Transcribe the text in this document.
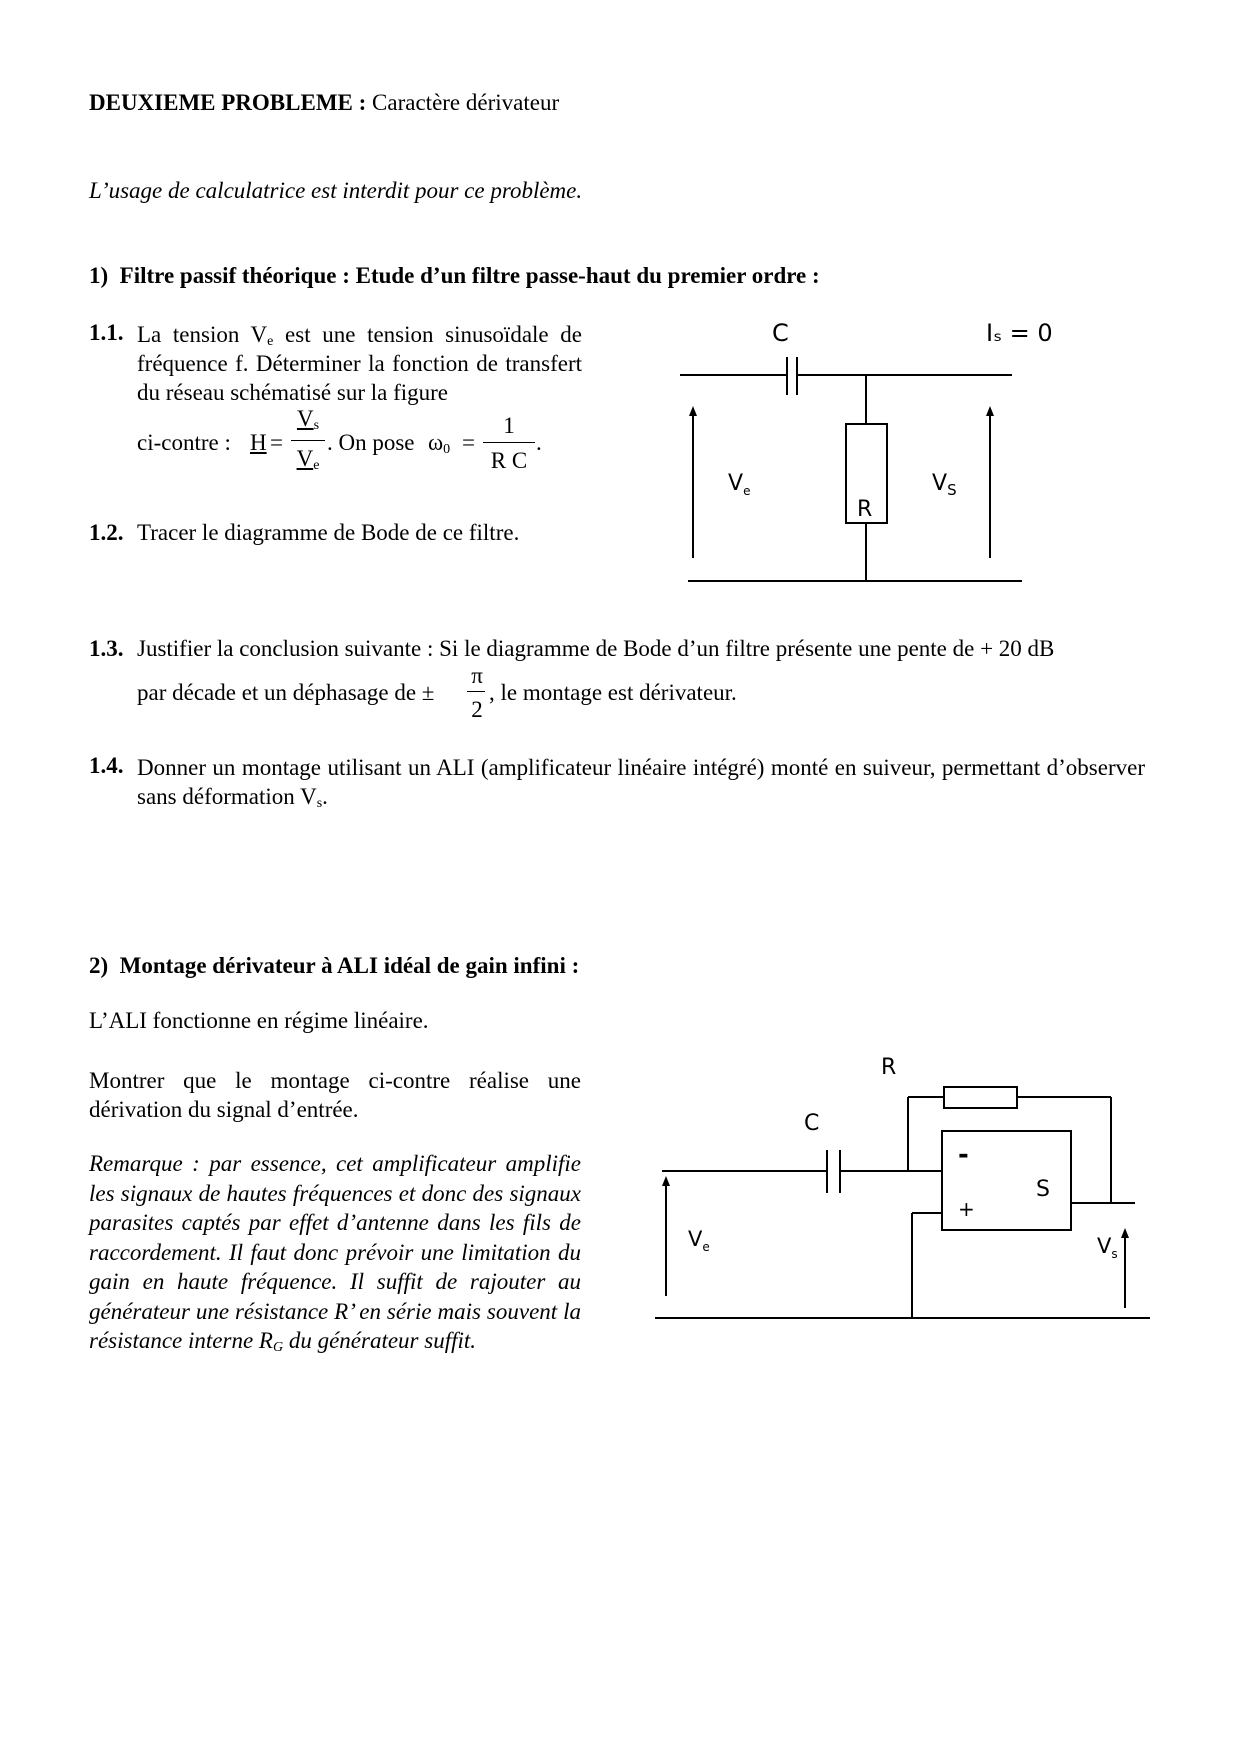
DEUXIEME PROBLEME : Caractère dérivateur
L’usage de calculatrice est interdit pour ce problème.
1)  Filtre passif théorique : Etude d’un filtre passe-haut du premier ordre :
1.1. La tension $V_e$ est une tension sinusoïdale de fréquence f. Déterminer la fonction de transfert du réseau schématisé sur la figure
ci-contre : H =
$V_s$
$V_e$
. On pose $\omega_0$ =
1
R C
.
1.2. Tracer le diagramme de Bode de ce filtre.
C	Iₛ = 0
$V_e$
R
$V_S$
1.3. Justifier la conclusion suivante : Si le diagramme de Bode d’un filtre présente une pente de + 20 dB
par décade et un déphasage de ±
π
2
, le montage est dérivateur.
1.4. Donner un montage utilisant un ALI (amplificateur linéaire intégré) monté en suiveur, permettant d’observer sans déformation $V_s$.
2)  Montage dérivateur à ALI idéal de gain infini :
L’ALI fonctionne en régime linéaire.
Montrer que le montage ci-contre réalise une dérivation du signal d’entrée.
Remarque : par essence, cet amplificateur amplifie les signaux de hautes fréquences et donc des signaux parasites captés par effet d’antenne dans les fils de raccordement. Il faut donc prévoir une limitation du gain en haute fréquence. Il suffit de rajouter au générateur une résistance R’ en série mais souvent la résistance interne $R_G$ du générateur suffit.
R
C
-
+
S
$V_e$	$V_s$
